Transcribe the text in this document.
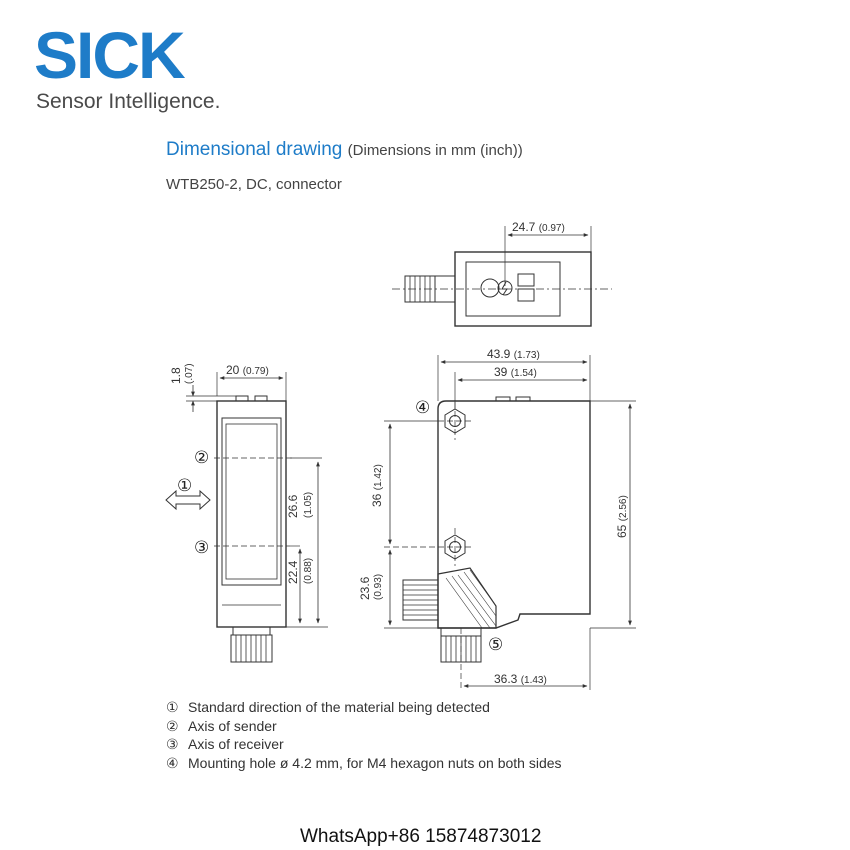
SICK
Sensor Intelligence.
Dimensional drawing (Dimensions in mm (inch))
WTB250-2, DC, connector
24.7 (0.97)
20 (0.79)
1.8 (.07)
26.6 (1.05)
22.4 (0.88)
43.9 (1.73)
39 (1.54)
36 (1.42)
65 (2.56)
23.6 (0.93)
36.3 (1.43)
①
②
③
④
⑤
① Standard direction of the material being detected
② Axis of sender
③ Axis of receiver
④ Mounting hole ø 4.2 mm, for M4 hexagon nuts on both sides
WhatsApp+86 15874873012
